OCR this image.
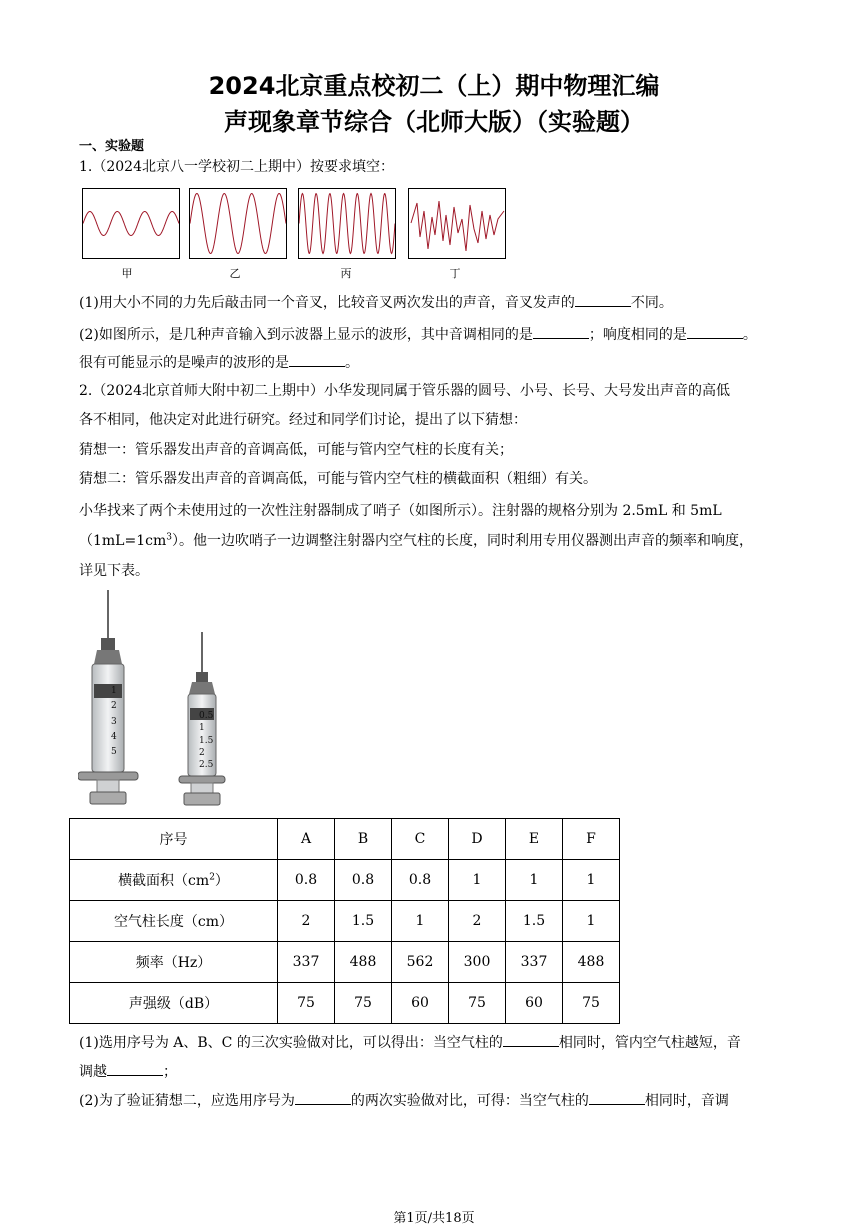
2024北京重点校初二（上）期中物理汇编
声现象章节综合（北师大版）（实验题）
一、实验题
1.（2024北京八一学校初二上期中）按要求填空：
甲	乙	丙	丁
(1)用大小不同的力先后敲击同一个音叉，比较音叉两次发出的声音，音叉发声的	不同。
(2)如图所示，是几种声音输入到示波器上显示的波形，其中音调相同的是	；响度相同的是	。
很有可能显示的是噪声的波形的是	。
2.（2024北京首师大附中初二上期中）小华发现同属于管乐器的圆号、小号、长号、大号发出声音的高低
各不相同，他决定对此进行研究。经过和同学们讨论，提出了以下猜想：
猜想一：管乐器发出声音的音调高低，可能与管内空气柱的长度有关；
猜想二：管乐器发出声音的音调高低，可能与管内空气柱的横截面积（粗细）有关。
小华找来了两个未使用过的一次性注射器制成了哨子（如图所示）。注射器的规格分别为 2.5mL 和 5mL
$(1mL=1cm^3)$。他一边吹哨子一边调整注射器内空气柱的长度，同时利用专用仪器测出声音的频率和响度，
详见下表。
1
2
3
4
5
0.5
1
1.5
2
2.5
序号	A	B	C	D	E	F
横截面积$(cm^2)$	0.8	0.8	0.8	1	1	1
空气柱长度（cm）	2	1.5	1	2	1.5	1
频率（Hz）	337	488	562	300	337	488
声强级（dB）	75	75	60	75	60	75
(1)选用序号为 A、B、C 的三次实验做对比，可以得出：当空气柱的	相同时，管内空气柱越短，音
调越	；
(2)为了验证猜想二，应选用序号为	的两次实验做对比，可得：当空气柱的	相同时，音调
第1页/共18页
